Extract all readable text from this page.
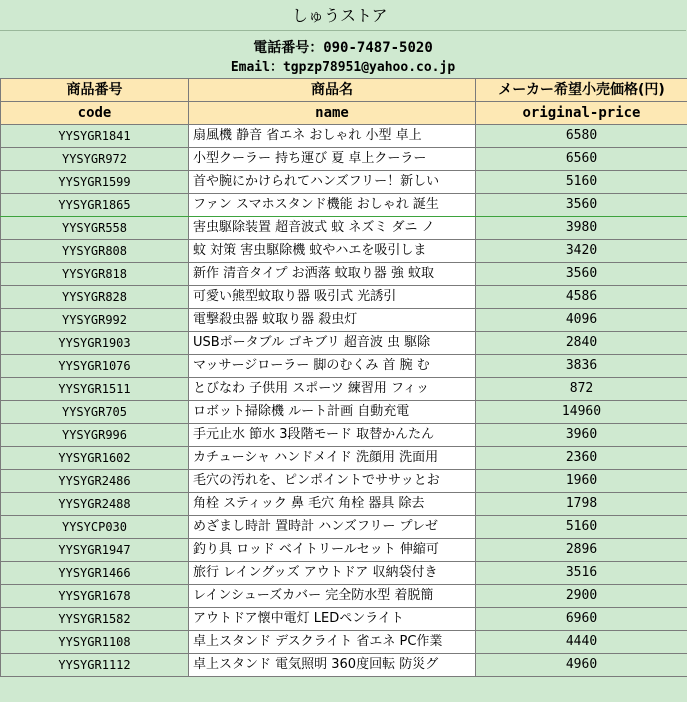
しゅうストア
電話番号：090-7487-5020
Email：tgpzp78951@yahoo.co.jp
商品番号	商品名	メーカー希望小売価格(円)
code	name	original-price
YYSYGR1841	扇風機 静音 省エネ おしゃれ 小型 卓上	6580
YYSYGR972	小型クーラー 持ち運び 夏 卓上クーラー	6560
YYSYGR1599	首や腕にかけられてハンズフリー！新しい	5160
YYSYGR1865	ファン スマホスタンド機能 おしゃれ 誕生	3560
YYSYGR558	害虫駆除装置 超音波式 蚊 ネズミ ダニ ノ	3980
YYSYGR808	蚊 対策 害虫駆除機 蚊やハエを吸引しま	3420
YYSYGR818	新作 清音タイプ お洒落 蚊取り器 強 蚊取	3560
YYSYGR828	可愛い熊型蚊取り器 吸引式 光誘引	4586
YYSYGR992	電撃殺虫器 蚊取り器 殺虫灯	4096
YYSYGR1903	USBポータブル ゴキブリ 超音波 虫 駆除	2840
YYSYGR1076	マッサージローラー 脚のむくみ 首 腕 む	3836
YYSYGR1511	とびなわ 子供用 スポーツ 練習用 フィッ	872
YYSYGR705	ロボット掃除機 ルート計画 自動充電	14960
YYSYGR996	手元止水 節水 3段階モード 取替かんたん	3960
YYSYGR1602	カチューシャ ハンドメイド 洗顔用 洗面用	2360
YYSYGR2486	毛穴の汚れを、ピンポイントでササッとお	1960
YYSYGR2488	角栓 スティック 鼻 毛穴 角栓 器具 除去	1798
YYSYCP030	めざまし時計 置時計 ハンズフリー プレゼ	5160
YYSYGR1947	釣り具 ロッド ベイトリールセット 伸縮可	2896
YYSYGR1466	旅行 レイングッズ アウトドア 収納袋付き	3516
YYSYGR1678	レインシューズカバー 完全防水型 着脱簡	2900
YYSYGR1582	アウトドア懐中電灯 LEDペンライト	6960
YYSYGR1108	卓上スタンド デスクライト 省エネ PC作業	4440
YYSYGR1112	卓上スタンド 電気照明 360度回転 防災グ	4960
